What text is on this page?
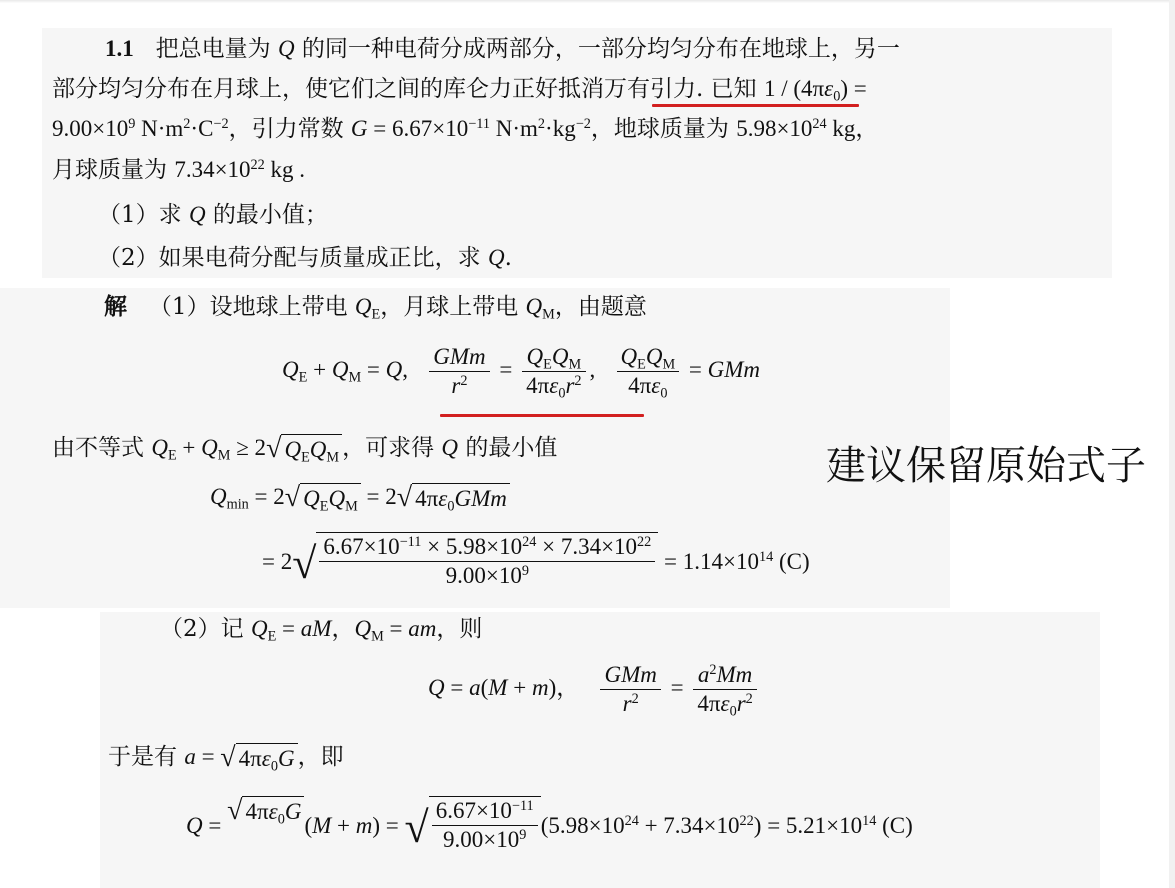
1.1   把总电量为 Q 的同一种电荷分成两部分，一部分均匀分布在地球上，另一
部分均匀分布在月球上，使它们之间的库仑力正好抵消万有引力. 已知 $1 / (4\pi\varepsilon_0)$ =
$9.00\times 10^9$ $N\cdot m^2\cdot C^{-2}$，引力常数 $G = 6.67\times 10^{-11}$ $N\cdot m^2\cdot kg^{-2}$，地球质量为 $5.98\times 10^{24}$ kg，
月球质量为 $7.34\times 10^{22}$ kg .
（1）求 Q 的最小值；
（2）如果电荷分配与质量成正比，求 Q.
解   （1）设地球上带电 $Q_E$，月球上带电 $Q_M$，由题意
$Q_E + Q_M = Q$, $\frac{\text{GMm}}{r^2} = \frac{Q_EQ_M}{4\pi\varepsilon_0r^2}$ , $\frac{Q_EQ_M}{4\pi\varepsilon_0}$ = GMm
由不等式 $Q_E + Q_M \ge 2√$ $Q_EQ_M$ ，可求得 Q 的最小值
$Q_{min} = 2√$ $Q_EQ_M = 2√$ $4\pi\varepsilon_0GMm$
= $2√ \frac{6.67\times 10^{-11} \times 5.98\times 10^{24} \times 7.34\times 10^{22}}{9.00\times 10^9} = 1.14\times 10^{14}$ (C)
（2）记 $Q_E$ = aM，$Q_M$ = am，则
Q = a(M + m)， $\frac{\text{GMm}}{r^2} = \frac{a^2Mm}{4\pi\varepsilon_0r^2}$
于是有 a = √ $4\pi\varepsilon_0G$ ，即
Q = √ $4\pi\varepsilon_0G(M + m)$ = √ $\frac{6.67\times 10^{-11}}{9.00\times 10^9} (5.98\times 10^{24} + 7.34\times 10^{22}) = 5.21\times 10^{14}$ (C)
建议保留原始式子
